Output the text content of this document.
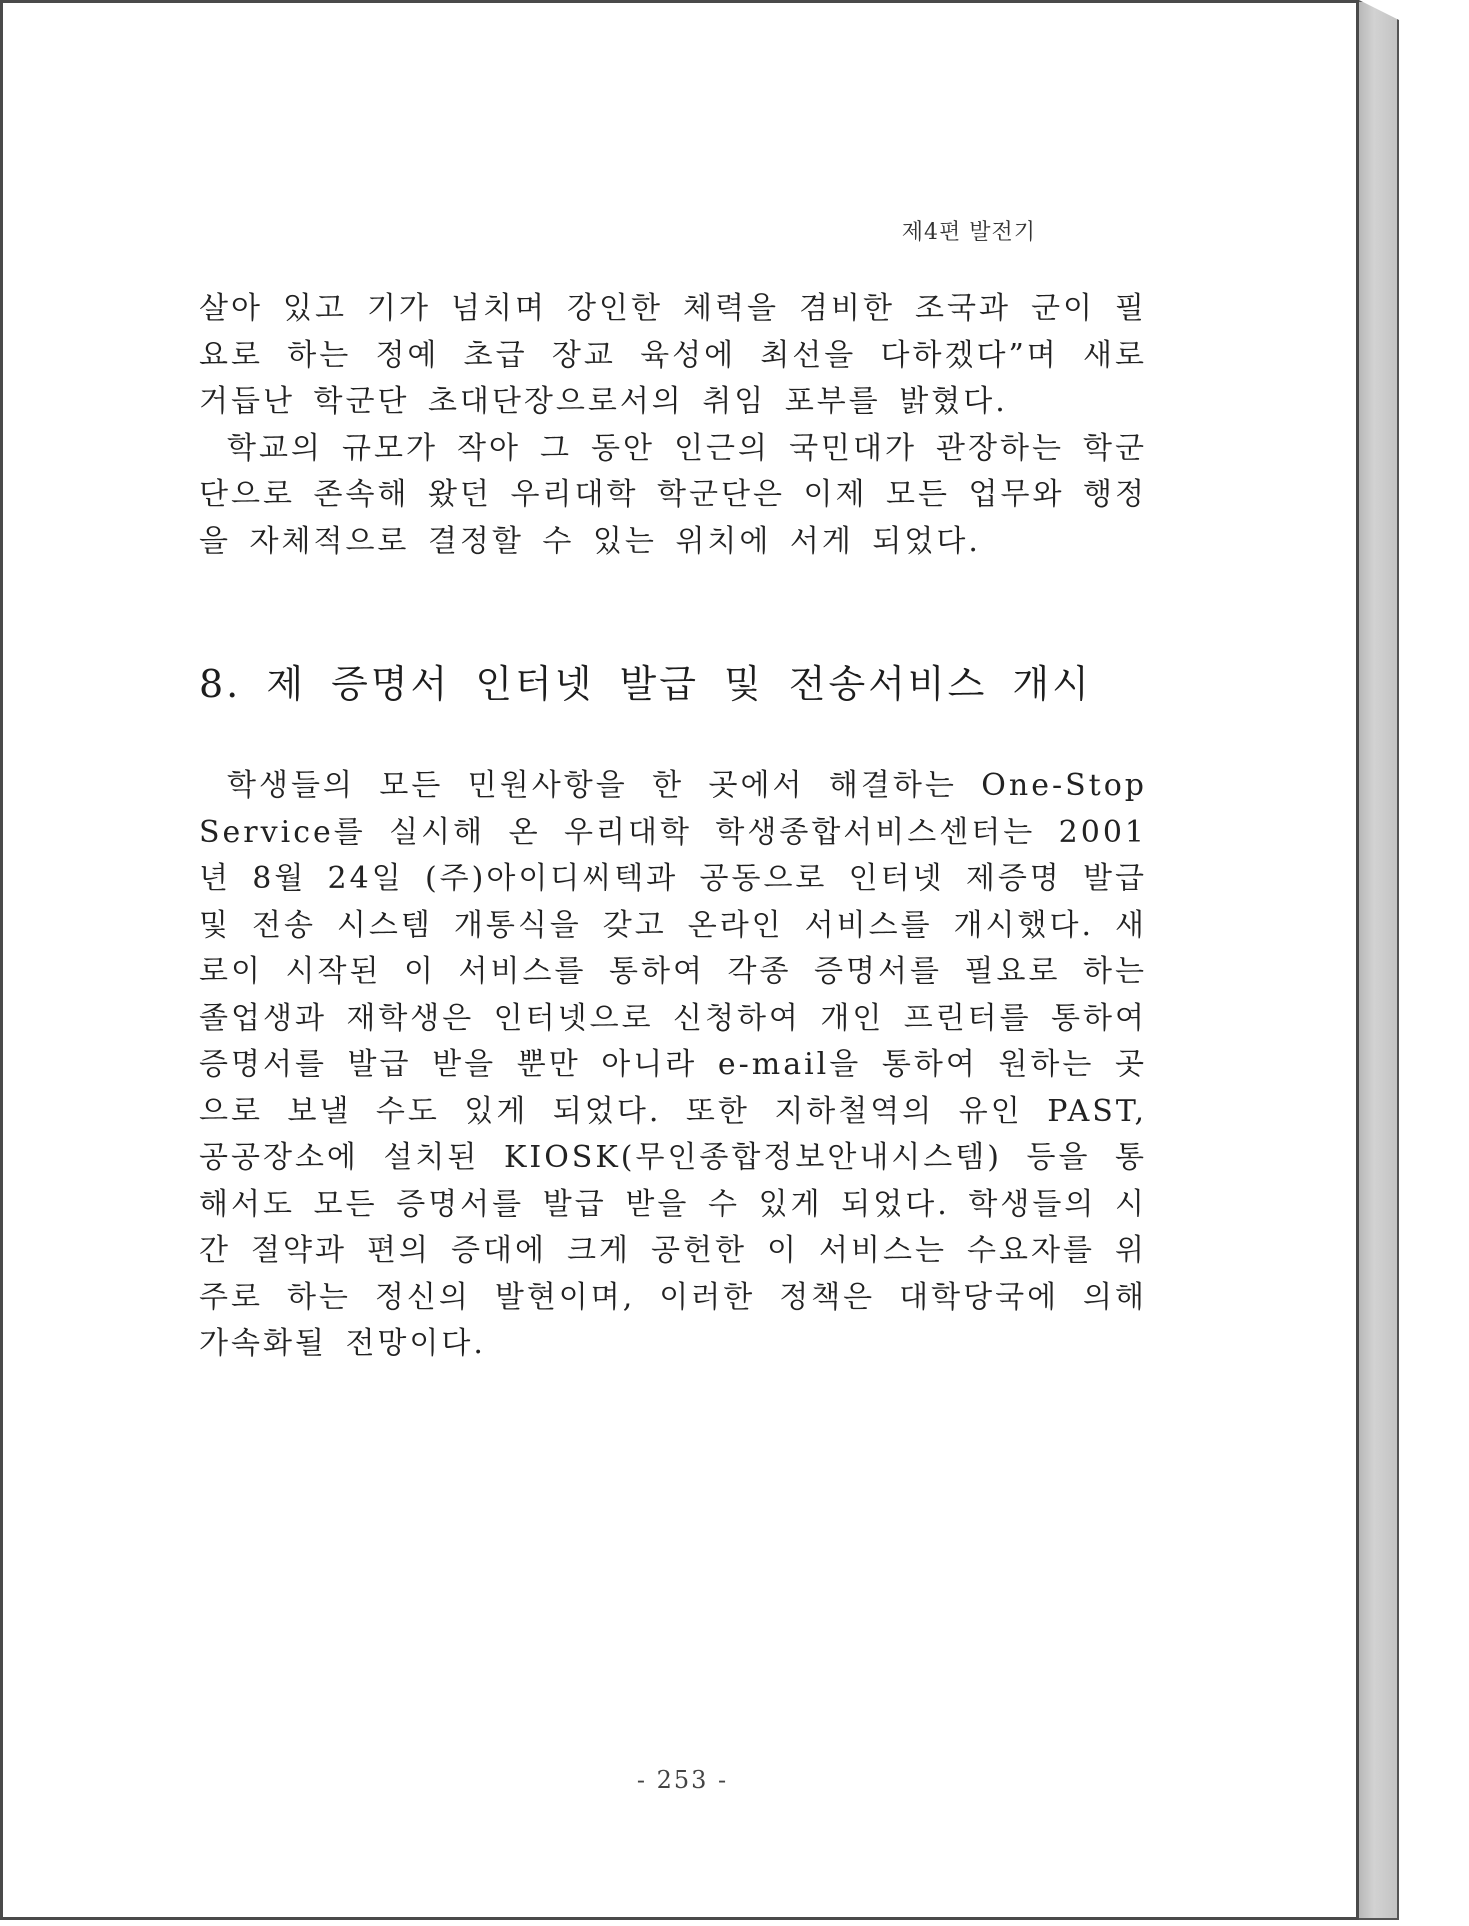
제4편 발전기

살아 있고 기가 넘치며 강인한 체력을 겸비한 조국과 군이 필요로 하는 정예 초급 장교 육성에 최선을 다하겠다”며 새로 거듭난 학군단 초대단장으로서의 취임 포부를 밝혔다.

학교의 규모가 작아 그 동안 인근의 국민대가 관장하는 학군단으로 존속해 왔던 우리대학 학군단은 이제 모든 업무와 행정을 자체적으로 결정할 수 있는 위치에 서게 되었다.

8. 제 증명서 인터넷 발급 및 전송서비스 개시

학생들의 모든 민원사항을 한 곳에서 해결하는 One-Stop Service를 실시해 온 우리대학 학생종합서비스센터는 2001년 8월 24일 (주)아이디씨텍과 공동으로 인터넷 제증명 발급 및 전송 시스템 개통식을 갖고 온라인 서비스를 개시했다. 새로이 시작된 이 서비스를 통하여 각종 증명서를 필요로 하는 졸업생과 재학생은 인터넷으로 신청하여 개인 프린터를 통하여 증명서를 발급 받을 뿐만 아니라 e-mail을 통하여 원하는 곳으로 보낼 수도 있게 되었다. 또한 지하철역의 유인 PAST, 공공장소에 설치된 KIOSK(무인종합정보안내시스템) 등을 통해서도 모든 증명서를 발급 받을 수 있게 되었다. 학생들의 시간 절약과 편의 증대에 크게 공헌한 이 서비스는 수요자를 위주로 하는 정신의 발현이며, 이러한 정책은 대학당국에 의해 가속화될 전망이다.

- 253 -
